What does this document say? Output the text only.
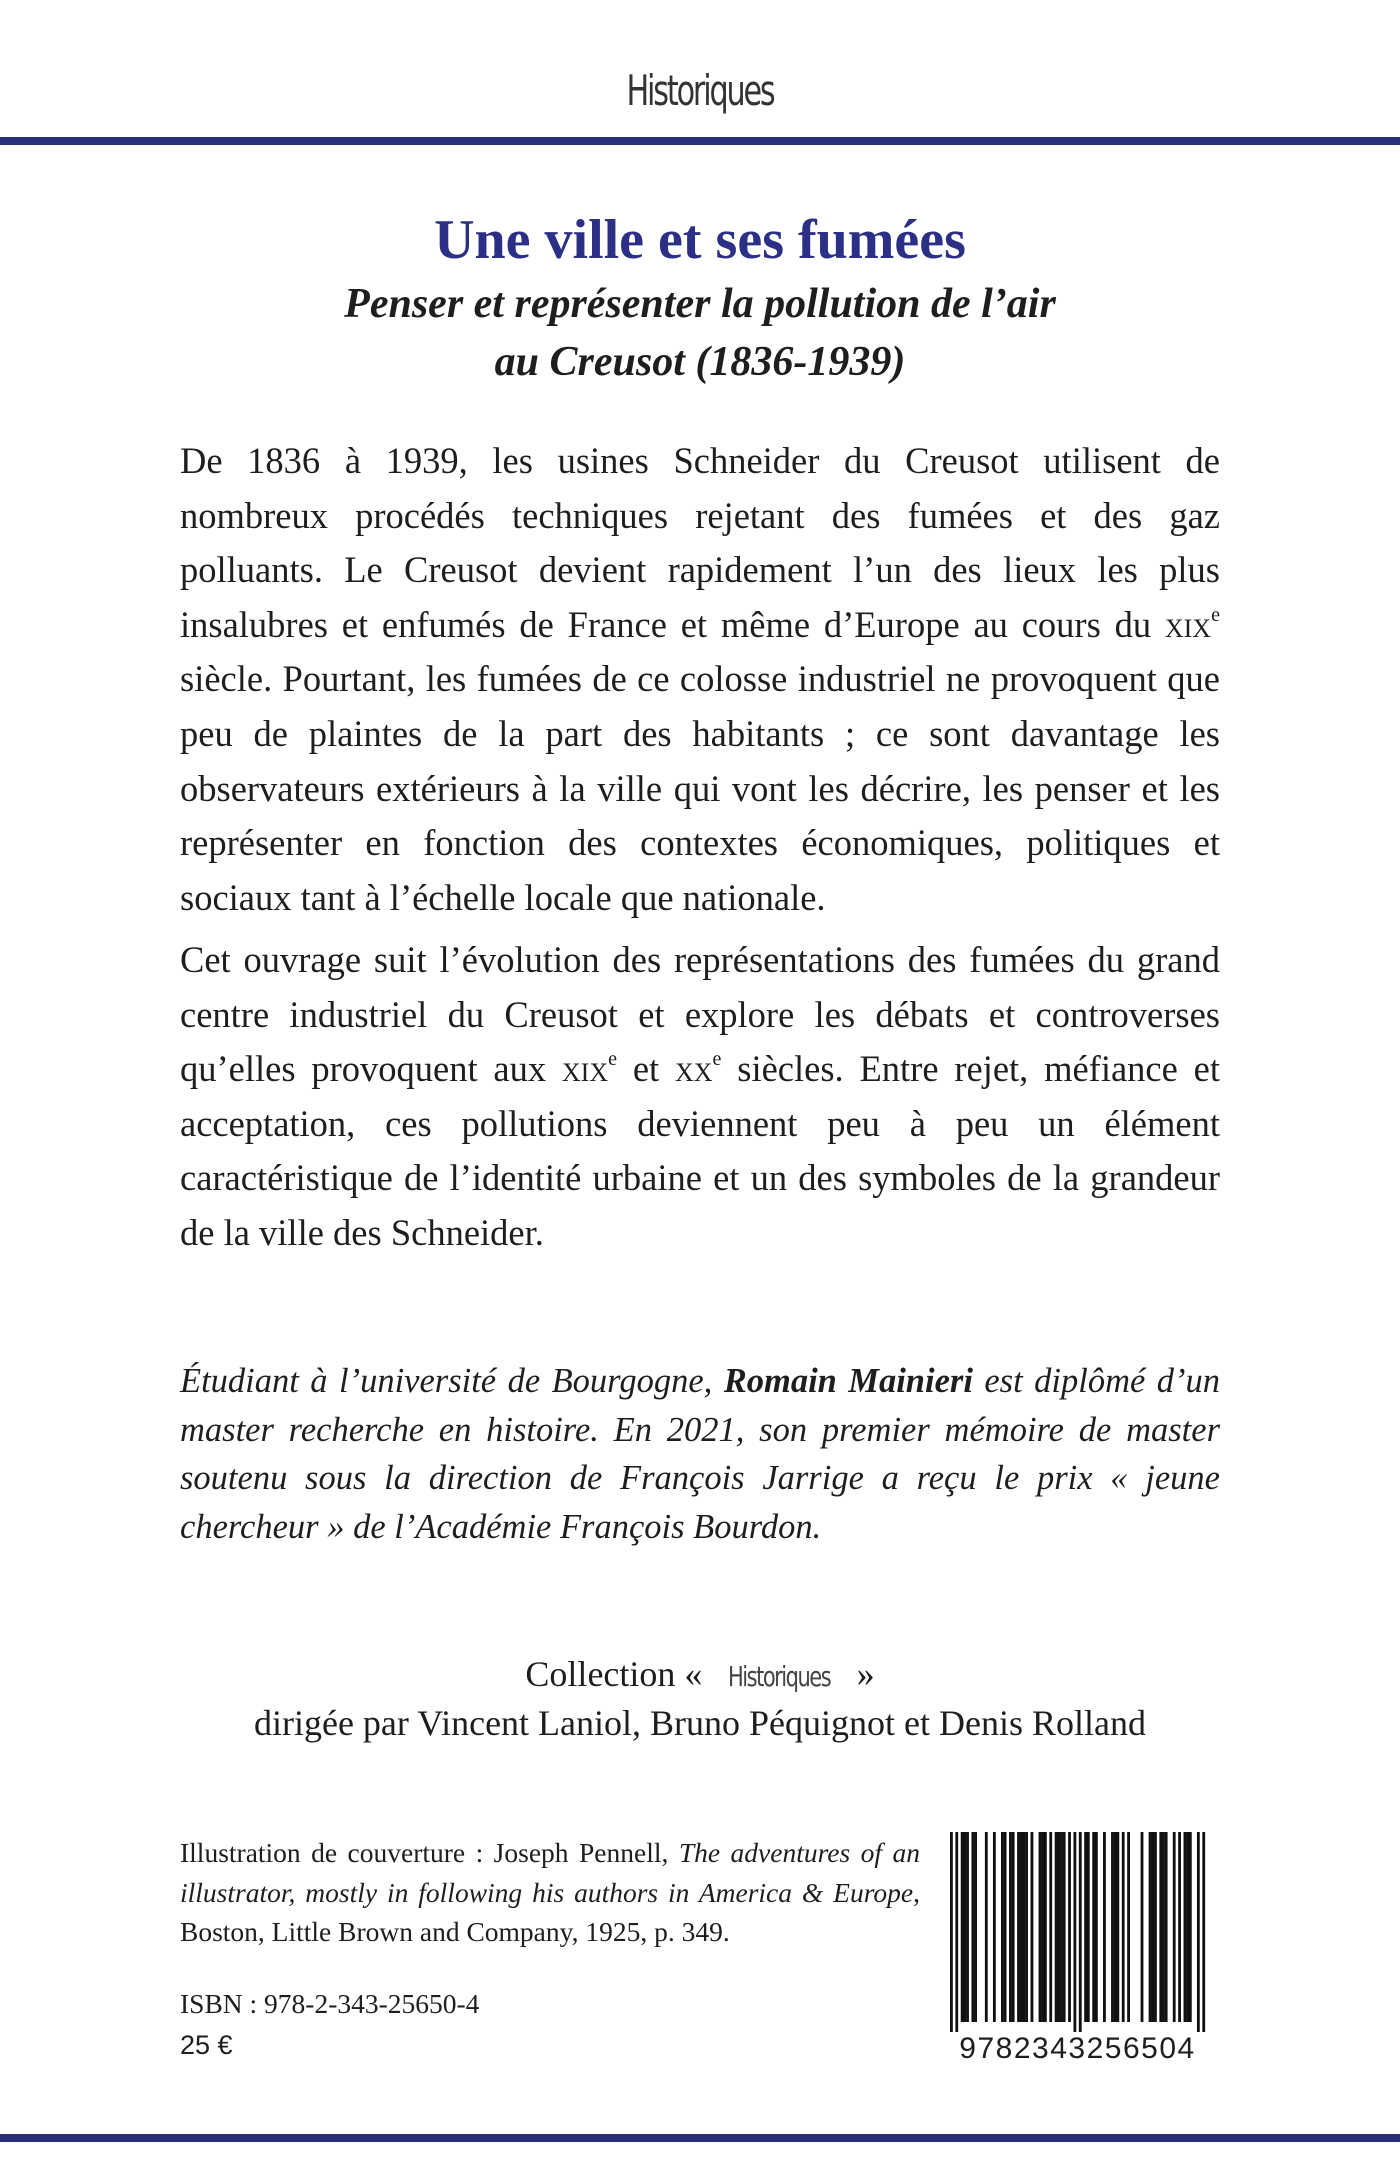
Historiques
Une ville et ses fumées
Penser et représenter la pollution de l’air
au Creusot (1836-1939)

De 1836 à 1939, les usines Schneider du Creusot utilisent de nombreux procédés techniques rejetant des fumées et des gaz polluants. Le Creusot devient rapidement l’un des lieux les plus insalubres et enfumés de France et même d’Europe au cours du xix$^e$ siècle. Pourtant, les fumées de ce colosse industriel ne provoquent que peu de plaintes de la part des habitants ; ce sont davantage les observateurs extérieurs à la ville qui vont les décrire, les penser et les représenter en fonction des contextes économiques, politiques et sociaux tant à l’échelle locale que nationale.

Cet ouvrage suit l’évolution des représentations des fumées du grand centre industriel du Creusot et explore les débats et controverses qu’elles provoquent aux xix$^e$ et $xx^e$ siècles. Entre rejet, méfiance et acceptation, ces pollutions deviennent peu à peu un élément caractéristique de l’identité urbaine et un des symboles de la grandeur de la ville des Schneider.

Étudiant à l’université de Bourgogne, Romain Mainieri est diplômé d’un master recherche en histoire. En 2021, son premier mémoire de master soutenu sous la direction de François Jarrige a reçu le prix « jeune chercheur » de l’Académie François Bourdon.

Collection « Historiques »
dirigée par Vincent Laniol, Bruno Péquignot et Denis Rolland

Illustration de couverture : Joseph Pennell, The adventures of an illustrator, mostly in following his authors in America & Europe, Boston, Little Brown and Company, 1925, p. 349.

ISBN : 978-2-343-25650-4
25 €	9782343256504
